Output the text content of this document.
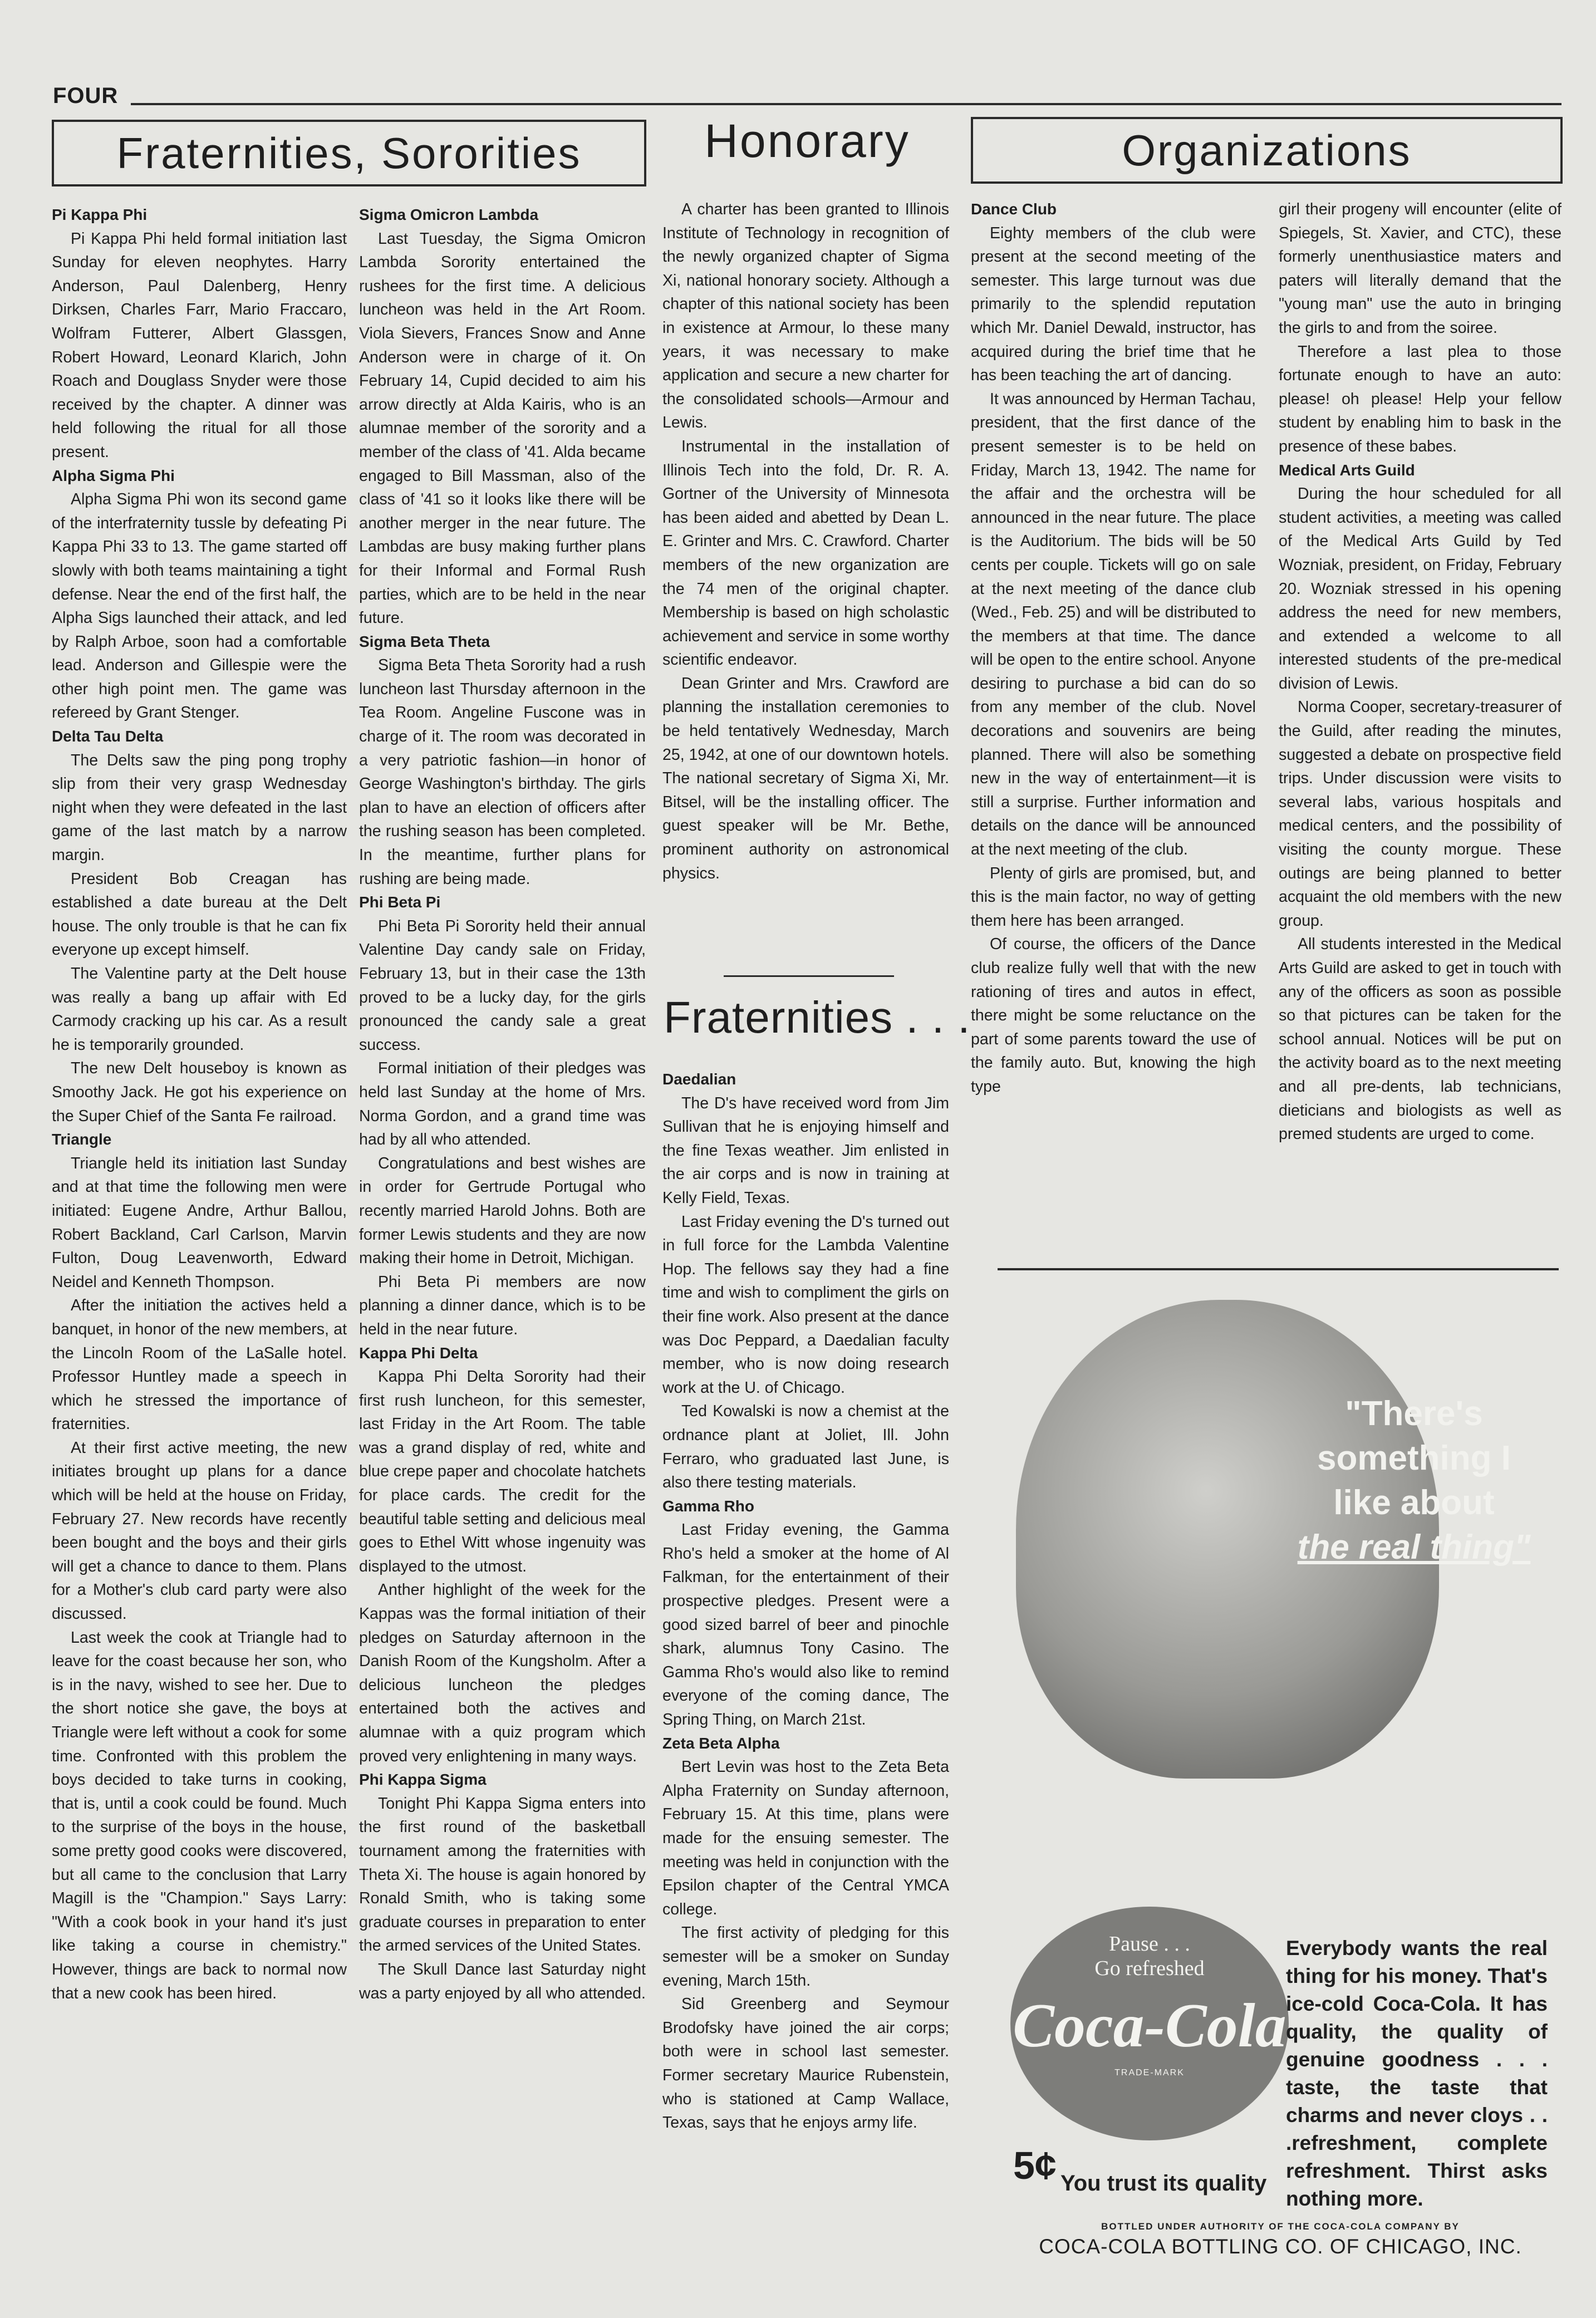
FOUR
Fraternities, Sororities	Honorary	Organizations
Pi Kappa Phi

Pi Kappa Phi held formal initiation last Sunday for eleven neophytes. Harry Anderson, Paul Dalenberg, Henry Dirksen, Charles Farr, Mario Fraccaro, Wolfram Futterer, Albert Glassgen, Robert Howard, Leonard Klarich, John Roach and Douglass Snyder were those received by the chapter. A dinner was held following the ritual for all those present.

Alpha Sigma Phi

Alpha Sigma Phi won its second game of the interfraternity tussle by defeating Pi Kappa Phi 33 to 13. The game started off slowly with both teams maintaining a tight defense. Near the end of the first half, the Alpha Sigs launched their attack, and led by Ralph Arboe, soon had a comfortable lead. Anderson and Gillespie were the other high point men. The game was refereed by Grant Stenger.

Delta Tau Delta

The Delts saw the ping pong trophy slip from their very grasp Wednesday night when they were defeated in the last game of the last match by a narrow margin.

President Bob Creagan has established a date bureau at the Delt house. The only trouble is that he can fix everyone up except himself.

The Valentine party at the Delt house was really a bang up affair with Ed Carmody cracking up his car. As a result he is temporarily grounded.

The new Delt houseboy is known as Smoothy Jack. He got his experience on the Super Chief of the Santa Fe railroad.

Triangle

Triangle held its initiation last Sunday and at that time the following men were initiated: Eugene Andre, Arthur Ballou, Robert Backland, Carl Carlson, Marvin Fulton, Doug Leavenworth, Edward Neidel and Kenneth Thompson.

After the initiation the actives held a banquet, in honor of the new members, at the Lincoln Room of the LaSalle hotel. Professor Huntley made a speech in which he stressed the importance of fraternities.

At their first active meeting, the new initiates brought up plans for a dance which will be held at the house on Friday, February 27. New records have recently been bought and the boys and their girls will get a chance to dance to them. Plans for a Mother's club card party were also discussed.

Last week the cook at Triangle had to leave for the coast because her son, who is in the navy, wished to see her. Due to the short notice she gave, the boys at Triangle were left without a cook for some time. Confronted with this problem the boys decided to take turns in cooking, that is, until a cook could be found. Much to the surprise of the boys in the house, some pretty good cooks were discovered, but all came to the conclusion that Larry Magill is the "Champion." Says Larry: "With a cook book in your hand it's just like taking a course in chemistry." However, things are back to normal now that a new cook has been hired.

Sigma Omicron Lambda

Last Tuesday, the Sigma Omicron Lambda Sorority entertained the rushees for the first time. A delicious luncheon was held in the Art Room. Viola Sievers, Frances Snow and Anne Anderson were in charge of it. On February 14, Cupid decided to aim his arrow directly at Alda Kairis, who is an alumnae member of the sorority and a member of the class of '41. Alda became engaged to Bill Massman, also of the class of '41 so it looks like there will be another merger in the near future. The Lambdas are busy making further plans for their Informal and Formal Rush parties, which are to be held in the near future.

Sigma Beta Theta

Sigma Beta Theta Sorority had a rush luncheon last Thursday afternoon in the Tea Room. Angeline Fuscone was in charge of it. The room was decorated in a very patriotic fashion—in honor of George Washington's birthday. The girls plan to have an election of officers after the rushing season has been completed. In the meantime, further plans for rushing are being made.

Phi Beta Pi

Phi Beta Pi Sorority held their annual Valentine Day candy sale on Friday, February 13, but in their case the 13th proved to be a lucky day, for the girls pronounced the candy sale a great success.

Formal initiation of their pledges was held last Sunday at the home of Mrs. Norma Gordon, and a grand time was had by all who attended.

Congratulations and best wishes are in order for Gertrude Portugal who recently married Harold Johns. Both are former Lewis students and they are now making their home in Detroit, Michigan.

Phi Beta Pi members are now planning a dinner dance, which is to be held in the near future.

Kappa Phi Delta

Kappa Phi Delta Sorority had their first rush luncheon, for this semester, last Friday in the Art Room. The table was a grand display of red, white and blue crepe paper and chocolate hatchets for place cards. The credit for the beautiful table setting and delicious meal goes to Ethel Witt whose ingenuity was displayed to the utmost.

Anther highlight of the week for the Kappas was the formal initiation of their pledges on Saturday afternoon in the Danish Room of the Kungsholm. After a delicious luncheon the pledges entertained both the actives and alumnae with a quiz program which proved very enlightening in many ways.

Phi Kappa Sigma

Tonight Phi Kappa Sigma enters into the first round of the basketball tournament among the fraternities with Theta Xi. The house is again honored by Ronald Smith, who is taking some graduate courses in preparation to enter the armed services of the United States.

The Skull Dance last Saturday night was a party enjoyed by all who attended.

A charter has been granted to Illinois Institute of Technology in recognition of the newly organized chapter of Sigma Xi, national honorary society. Although a chapter of this national society has been in existence at Armour, lo these many years, it was necessary to make application and secure a new charter for the consolidated schools—Armour and Lewis.

Instrumental in the installation of Illinois Tech into the fold, Dr. R. A. Gortner of the University of Minnesota has been aided and abetted by Dean L. E. Grinter and Mrs. C. Crawford. Charter members of the new organization are the 74 men of the original chapter. Membership is based on high scholastic achievement and service in some worthy scientific endeavor.

Dean Grinter and Mrs. Crawford are planning the installation ceremonies to be held tentatively Wednesday, March 25, 1942, at one of our downtown hotels. The national secretary of Sigma Xi, Mr. Bitsel, will be the installing officer. The guest speaker will be Mr. Bethe, prominent authority on astronomical physics.

Fraternities . . .
Daedalian

The D's have received word from Jim Sullivan that he is enjoying himself and the fine Texas weather. Jim enlisted in the air corps and is now in training at Kelly Field, Texas.

Last Friday evening the D's turned out in full force for the Lambda Valentine Hop. The fellows say they had a fine time and wish to compliment the girls on their fine work. Also present at the dance was Doc Peppard, a Daedalian faculty member, who is now doing research work at the U. of Chicago.

Ted Kowalski is now a chemist at the ordnance plant at Joliet, Ill. John Ferraro, who graduated last June, is also there testing materials.

Gamma Rho

Last Friday evening, the Gamma Rho's held a smoker at the home of Al Falkman, for the entertainment of their prospective pledges. Present were a good sized barrel of beer and pinochle shark, alumnus Tony Casino. The Gamma Rho's would also like to remind everyone of the coming dance, The Spring Thing, on March 21st.

Zeta Beta Alpha

Bert Levin was host to the Zeta Beta Alpha Fraternity on Sunday afternoon, February 15. At this time, plans were made for the ensuing semester. The meeting was held in conjunction with the Epsilon chapter of the Central YMCA college.

The first activity of pledging for this semester will be a smoker on Sunday evening, March 15th.

Sid Greenberg and Seymour Brodofsky have joined the air corps; both were in school last semester. Former secretary Maurice Rubenstein, who is stationed at Camp Wallace, Texas, says that he enjoys army life.

Dance Club

Eighty members of the club were present at the second meeting of the semester. This large turnout was due primarily to the splendid reputation which Mr. Daniel Dewald, instructor, has acquired during the brief time that he has been teaching the art of dancing.

It was announced by Herman Tachau, president, that the first dance of the present semester is to be held on Friday, March 13, 1942. The name for the affair and the orchestra will be announced in the near future. The place is the Auditorium. The bids will be 50 cents per couple. Tickets will go on sale at the next meeting of the dance club (Wed., Feb. 25) and will be distributed to the members at that time. The dance will be open to the entire school. Anyone desiring to purchase a bid can do so from any member of the club. Novel decorations and souvenirs are being planned. There will also be something new in the way of entertainment—it is still a surprise. Further information and details on the dance will be announced at the next meeting of the club.

Plenty of girls are promised, but, and this is the main factor, no way of getting them here has been arranged.

Of course, the officers of the Dance club realize fully well that with the new rationing of tires and autos in effect, there might be some reluctance on the part of some parents toward the use of the family auto. But, knowing the high type

girl their progeny will encounter (elite of Spiegels, St. Xavier, and CTC), these formerly unenthusiastice maters and paters will literally demand that the "young man" use the auto in bringing the girls to and from the soiree.

Therefore a last plea to those fortunate enough to have an auto: please! oh please! Help your fellow student by enabling him to bask in the presence of these babes.

Medical Arts Guild

During the hour scheduled for all student activities, a meeting was called of the Medical Arts Guild by Ted Wozniak, president, on Friday, February 20. Wozniak stressed in his opening address the need for new members, and extended a welcome to all interested students of the pre-medical division of Lewis.

Norma Cooper, secretary-treasurer of the Guild, after reading the minutes, suggested a debate on prospective field trips. Under discussion were visits to several labs, various hospitals and medical centers, and the possibility of visiting the county morgue. These outings are being planned to better acquaint the old members with the new group.

All students interested in the Medical Arts Guild are asked to get in touch with any of the officers as soon as possible so that pictures can be taken for the school annual. Notices will be put on the activity board as to the next meeting and all pre-dents, lab technicians, dieticians and biologists as well as premed students are urged to come.

"There's something I like about
the real thing"
Pause . . .
Go refreshed
Coca-Cola
TRADE-MARK
Everybody wants the real thing for his money. That's ice-cold Coca-Cola. It has quality, the quality of genuine goodness . . . taste, the taste that charms and never cloys . . .refreshment, complete refreshment. Thirst asks nothing more.
5¢ You trust its quality
BOTTLED UNDER AUTHORITY OF THE COCA-COLA COMPANY BY
COCA-COLA BOTTLING CO. OF CHICAGO, INC.
